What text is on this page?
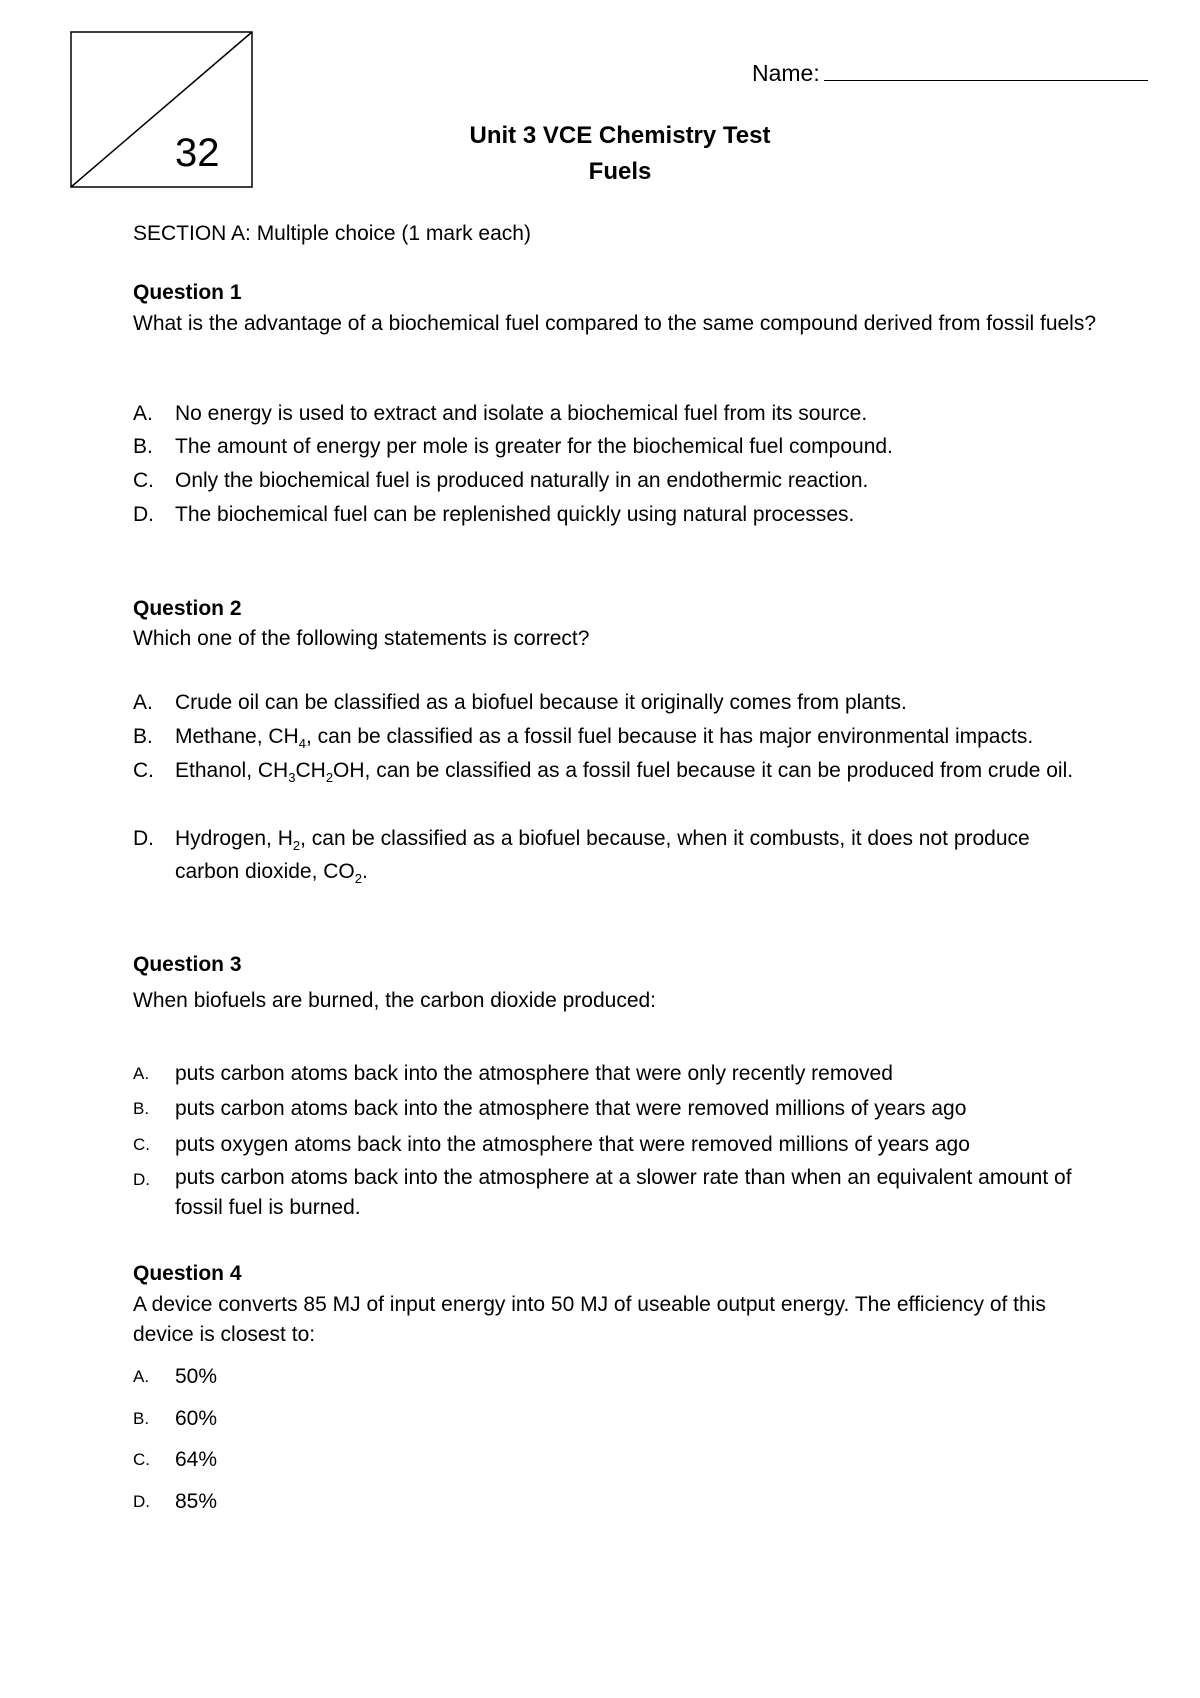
32
Name:
Unit 3 VCE Chemistry Test
Fuels
SECTION A: Multiple choice (1 mark each)
Question 1
What is the advantage of a biochemical fuel compared to the same compound derived from fossil fuels?
A. No energy is used to extract and isolate a biochemical fuel from its source.
B. The amount of energy per mole is greater for the biochemical fuel compound.
C. Only the biochemical fuel is produced naturally in an endothermic reaction.
D. The biochemical fuel can be replenished quickly using natural processes.
Question 2
Which one of the following statements is correct?
A. Crude oil can be classified as a biofuel because it originally comes from plants.
B. Methane, $CH_4$, can be classified as a fossil fuel because it has major environmental impacts.
C. Ethanol, $CH_3CH_2OH$, can be classified as a fossil fuel because it can be produced from crude oil.
D. Hydrogen, $H_2$, can be classified as a biofuel because, when it combusts, it does not produce carbon dioxide, $CO_2$.
Question 3
When biofuels are burned, the carbon dioxide produced:
A. puts carbon atoms back into the atmosphere that were only recently removed
B. puts carbon atoms back into the atmosphere that were removed millions of years ago
C. puts oxygen atoms back into the atmosphere that were removed millions of years ago
D. puts carbon atoms back into the atmosphere at a slower rate than when an equivalent amount of fossil fuel is burned.
Question 4
A device converts 85 MJ of input energy into 50 MJ of useable output energy. The efficiency of this device is closest to:
A. 50%
B. 60%
C. 64%
D. 85%
